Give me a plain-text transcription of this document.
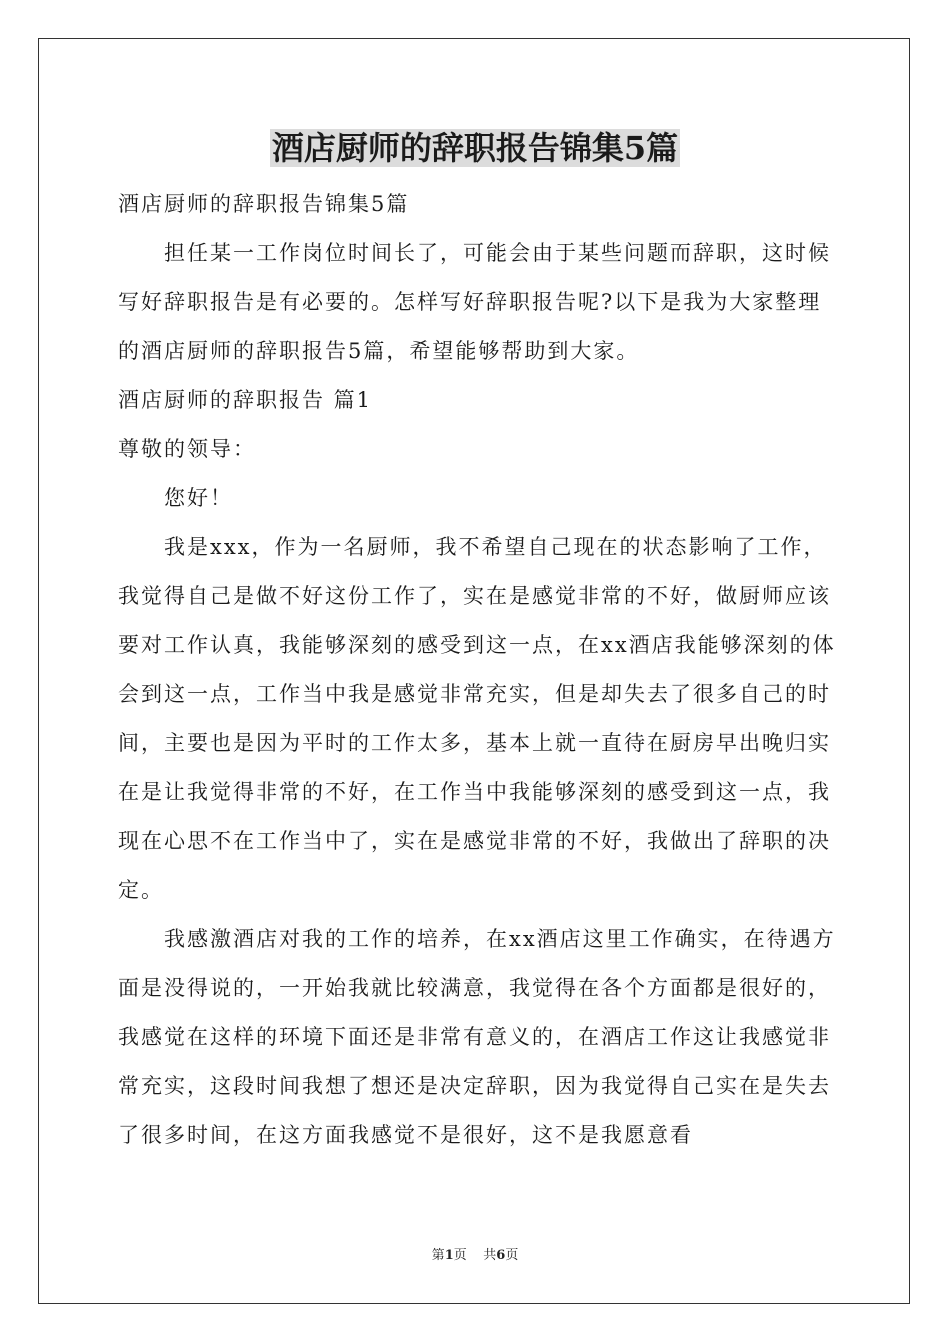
酒店厨师的辞职报告锦集5篇

酒店厨师的辞职报告锦集5篇

担任某一工作岗位时间长了，可能会由于某些问题而辞职，这时候写好辞职报告是有必要的。怎样写好辞职报告呢?以下是我为大家整理的酒店厨师的辞职报告5篇，希望能够帮助到大家。

酒店厨师的辞职报告 篇1

尊敬的领导：

您好！

我是xxx，作为一名厨师，我不希望自己现在的状态影响了工作，我觉得自己是做不好这份工作了，实在是感觉非常的不好，做厨师应该要对工作认真，我能够深刻的感受到这一点，在xx酒店我能够深刻的体会到这一点，工作当中我是感觉非常充实，但是却失去了很多自己的时间，主要也是因为平时的工作太多，基本上就一直待在厨房早出晚归实在是让我觉得非常的不好，在工作当中我能够深刻的感受到这一点，我现在心思不在工作当中了，实在是感觉非常的不好，我做出了辞职的决定。

我感激酒店对我的工作的培养，在xx酒店这里工作确实，在待遇方面是没得说的，一开始我就比较满意，我觉得在各个方面都是很好的，我感觉在这样的环境下面还是非常有意义的，在酒店工作这让我感觉非常充实，这段时间我想了想还是决定辞职，因为我觉得自己实在是失去了很多时间，在这方面我感觉不是很好，这不是我愿意看

第1页    共6页
